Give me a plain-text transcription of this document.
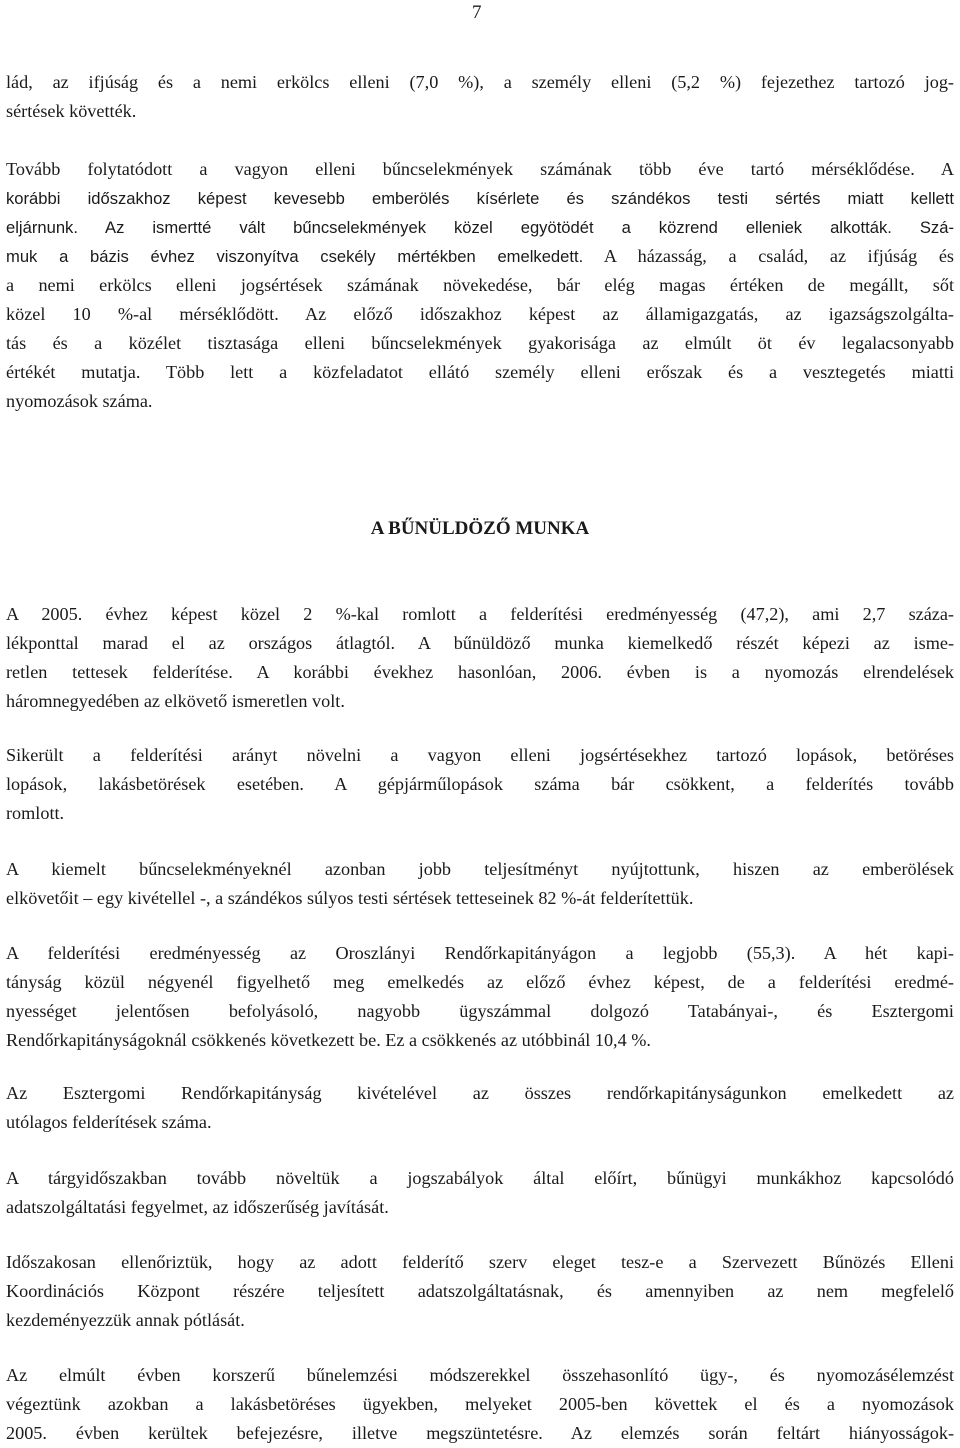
7

lád, az ifjúság és a nemi erkölcs elleni (7,0 %), a személy elleni (5,2 %) fejezethez tartozó jog-

sértések követték.

Tovább folytatódott a vagyon elleni bűncselekmények számának több éve tartó mérséklődése. A

korábbi időszakhoz képest kevesebb emberölés kísérlete és szándékos testi sértés miatt kellett

eljárnunk. Az ismertté vált bűncselekmények közel egyötödét a közrend elleniek alkották. Szá-

muk a bázis évhez viszonyítva csekély mértékben emelkedett. A házasság, a család, az ifjúság és

a nemi erkölcs elleni jogsértések számának növekedése, bár elég magas értéken de megállt, sőt

közel 10 %-al mérséklődött. Az előző időszakhoz képest az államigazgatás, az igazságszolgálta-

tás és a közélet tisztasága elleni bűncselekmények gyakorisága az elmúlt öt év legalacsonyabb

értékét mutatja. Több lett a közfeladatot ellátó személy elleni erőszak és a vesztegetés miatti

nyomozások száma.

A BŰNÜLDÖZŐ MUNKA

A 2005. évhez képest közel 2 %-kal romlott a felderítési eredményesség (47,2), ami 2,7 száza-

lékponttal marad el az országos átlagtól. A bűnüldöző munka kiemelkedő részét képezi az isme-

retlen tettesek felderítése. A korábbi évekhez hasonlóan, 2006. évben is a nyomozás elrendelések

háromnegyedében az elkövető ismeretlen volt.

Sikerült a felderítési arányt növelni a vagyon elleni jogsértésekhez tartozó lopások, betöréses

lopások, lakásbetörések esetében. A gépjárműlopások száma bár csökkent, a felderítés tovább

romlott.

A kiemelt bűncselekményeknél azonban jobb teljesítményt nyújtottunk, hiszen az emberölések

elkövetőit – egy kivétellel -, a szándékos súlyos testi sértések tetteseinek 82 %-át felderítettük.

A felderítési eredményesség az Oroszlányi Rendőrkapitányágon a legjobb (55,3). A hét kapi-

tányság közül négyenél figyelhető meg emelkedés az előző évhez képest, de a felderítési eredmé-

nyességet jelentősen befolyásoló, nagyobb ügyszámmal dolgozó Tatabányai-, és Esztergomi

Rendőrkapitányságoknál csökkenés következett be. Ez a csökkenés az utóbbinál 10,4 %.

Az Esztergomi Rendőrkapitányság kivételével az összes rendőrkapitányságunkon emelkedett az

utólagos felderítések száma.

A tárgyidőszakban tovább növeltük a jogszabályok által előírt, bűnügyi munkákhoz kapcsolódó

adatszolgáltatási fegyelmet, az időszerűség javítását.

Időszakosan ellenőriztük, hogy az adott felderítő szerv eleget tesz-e a Szervezett Bűnözés Elleni

Koordinációs Központ részére teljesített adatszolgáltatásnak, és amennyiben az nem megfelelő

kezdeményezzük annak pótlását.

Az elmúlt évben korszerű bűnelemzési módszerekkel összehasonlító ügy-, és nyomozásélemzést

végeztünk azokban a lakásbetöréses ügyekben, melyeket 2005-ben követtek el és a nyomozások

2005. évben kerültek befejezésre, illetve megszüntetésre. Az elemzés során feltárt hiányosságok-
